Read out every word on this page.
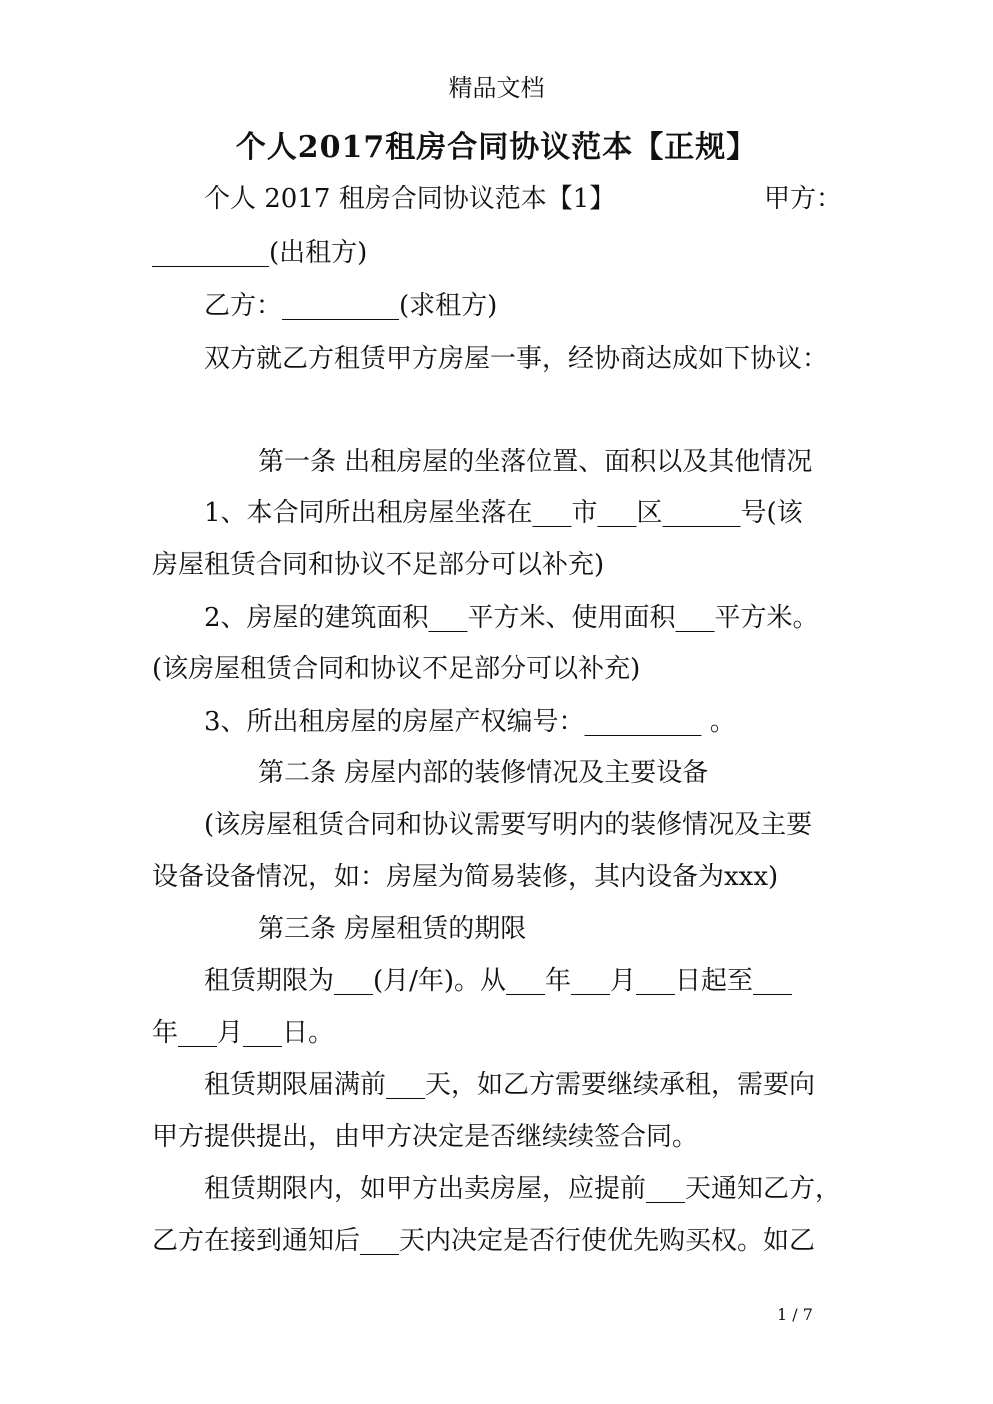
精品文档
个人2017租房合同协议范本【正规】
个人 2017 租房合同协议范本【1】	甲方：
_________(出租方)
乙方：_________(求租方)
双方就乙方租赁甲方房屋一事，经协商达成如下协议：
第一条 出租房屋的坐落位置、面积以及其他情况
1、本合同所出租房屋坐落在___市___区______号(该
房屋租赁合同和协议不足部分可以补充)
2、房屋的建筑面积___平方米、使用面积___平方米。
(该房屋租赁合同和协议不足部分可以补充)
3、所出租房屋的房屋产权编号：_________ 。
第二条 房屋内部的装修情况及主要设备
(该房屋租赁合同和协议需要写明内的装修情况及主要
设备设备情况，如：房屋为简易装修，其内设备为xxx)
第三条 房屋租赁的期限
租赁期限为___(月/年)。从___年___月___日起至___
年___月___日。
租赁期限届满前___天，如乙方需要继续承租，需要向
甲方提供提出，由甲方决定是否继续续签合同。
租赁期限内，如甲方出卖房屋，应提前___天通知乙方，
乙方在接到通知后___天内决定是否行使优先购买权。如乙
1 / 7
